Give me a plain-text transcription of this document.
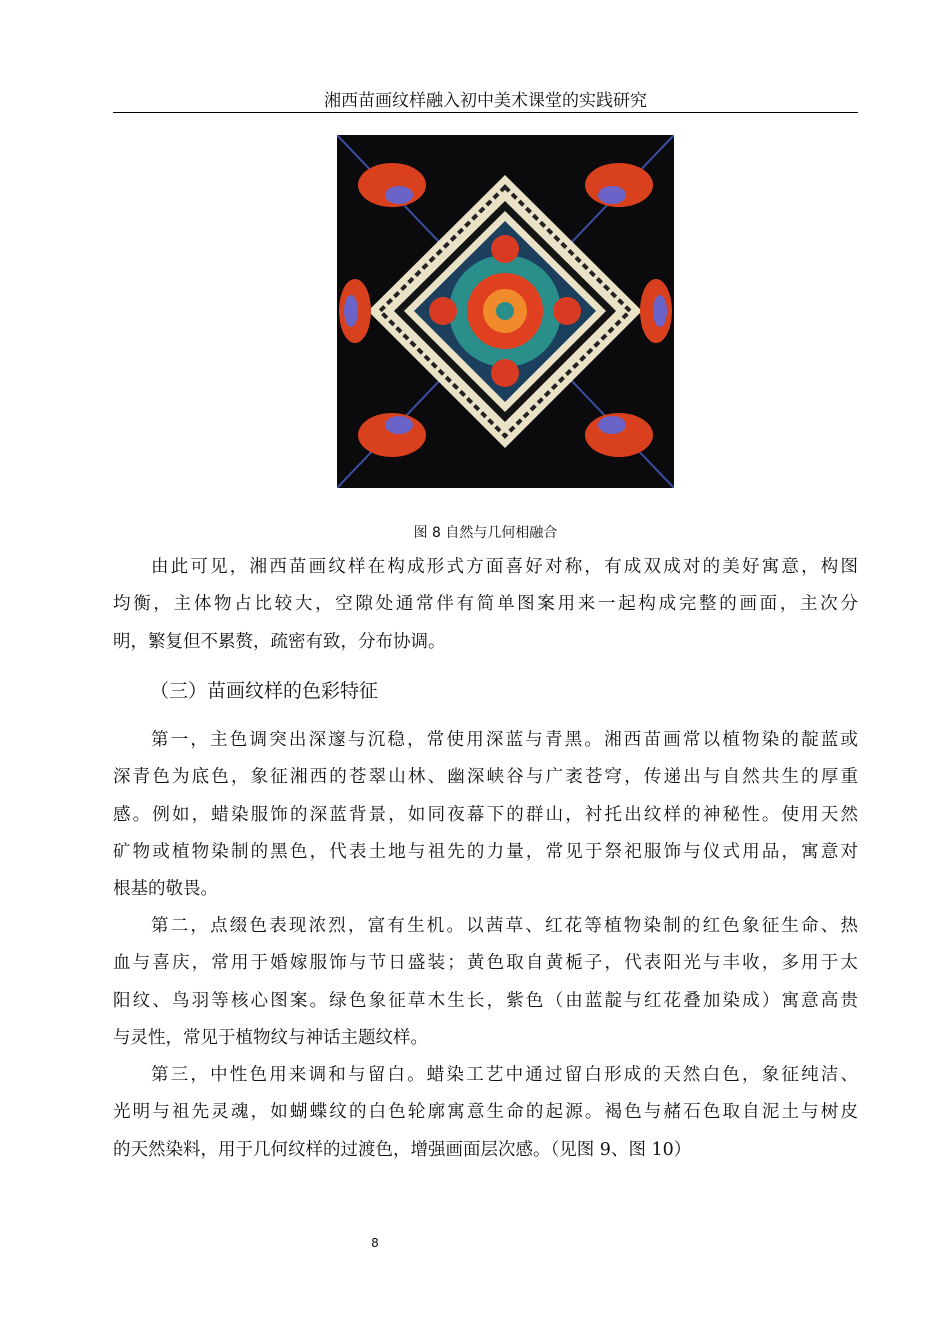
湘西苗画纹样融入初中美术课堂的实践研究
图 8 自然与几何相融合
由此可见，湘西苗画纹样在构成形式方面喜好对称，有成双成对的美好寓意，构图
均衡，主体物占比较大，空隙处通常伴有简单图案用来一起构成完整的画面，主次分
明，繁复但不累赘，疏密有致，分布协调。
（三）苗画纹样的色彩特征
第一，主色调突出深邃与沉稳，常使用深蓝与青黑。湘西苗画常以植物染的靛蓝或
深青色为底色，象征湘西的苍翠山林、幽深峡谷与广袤苍穹，传递出与自然共生的厚重
感。例如，蜡染服饰的深蓝背景，如同夜幕下的群山，衬托出纹样的神秘性。使用天然
矿物或植物染制的黑色，代表土地与祖先的力量，常见于祭祀服饰与仪式用品，寓意对
根基的敬畏。
第二，点缀色表现浓烈，富有生机。以茜草、红花等植物染制的红色象征生命、热
血与喜庆，常用于婚嫁服饰与节日盛装；黄色取自黄栀子，代表阳光与丰收，多用于太
阳纹、鸟羽等核心图案。绿色象征草木生长，紫色（由蓝靛与红花叠加染成）寓意高贵
与灵性，常见于植物纹与神话主题纹样。
第三，中性色用来调和与留白。蜡染工艺中通过留白形成的天然白色，象征纯洁、
光明与祖先灵魂，如蝴蝶纹的白色轮廓寓意生命的起源。褐色与赭石色取自泥土与树皮
的天然染料，用于几何纹样的过渡色，增强画面层次感。（见图 9、图 10）
8
